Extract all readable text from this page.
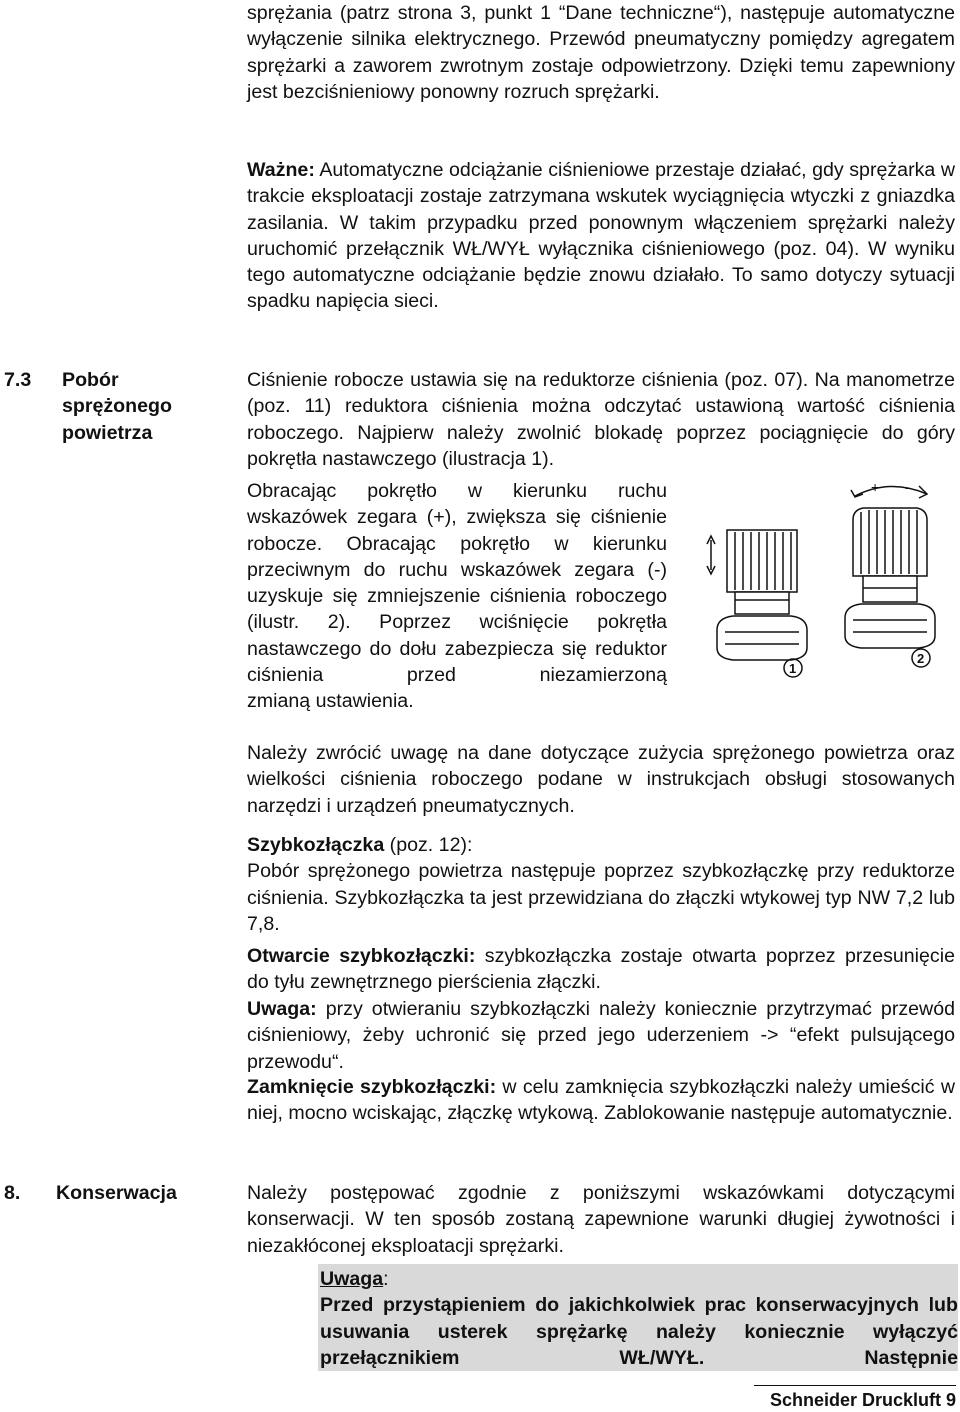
sprężania (patrz strona 3, punkt 1 “Dane techniczne“), następuje automatyczne wyłączenie silnika elektrycznego. Przewód pneumatyczny pomiędzy agregatem sprężarki a zaworem zwrotnym zostaje odpowietrzony. Dzięki temu zapewniony jest bezciśnieniowy ponowny rozruch sprężarki.

Ważne: Automatyczne odciążanie ciśnieniowe przestaje działać, gdy sprężarka w trakcie eksploatacji zostaje zatrzymana wskutek wyciągnięcia wtyczki z gniazdka zasilania. W takim przypadku przed ponownym włączeniem sprężarki należy uruchomić przełącznik WŁ/WYŁ wyłącznika ciśnieniowego (poz. 04). W wyniku tego automatyczne odciążanie będzie znowu działało. To samo dotyczy sytuacji spadku napięcia sieci.

7.3 Pobór
sprężonego
powietrza

Ciśnienie robocze ustawia się na reduktorze ciśnienia (poz. 07). Na manometrze (poz. 11) reduktora ciśnienia można odczytać ustawioną wartość ciśnienia roboczego. Najpierw należy zwolnić blokadę poprzez pociągnięcie do góry pokrętła nastawczego (ilustracja 1).

Obracając pokrętło w kierunku ruchu wskazówek zegara (+), zwiększa się ciśnienie robocze. Obracając pokrętło w kierunku przeciwnym do ruchu wskazówek zegara (-) uzyskuje się zmniejszenie ciśnienia roboczego (ilustr. 2). Poprzez wciśnięcie pokrętła nastawczego do dołu zabezpiecza się reduktor ciśnienia przed niezamierzoną

zmianą ustawienia.

+ -
1
2

Należy zwrócić uwagę na dane dotyczące zużycia sprężonego powietrza oraz wielkości ciśnienia roboczego podane w instrukcjach obsługi stosowanych narzędzi i urządzeń pneumatycznych.

Szybkozłączka (poz. 12):

Pobór sprężonego powietrza następuje poprzez szybkozłączkę przy reduktorze ciśnienia. Szybkozłączka ta jest przewidziana do złączki wtykowej typ NW 7,2 lub 7,8.

Otwarcie szybkozłączki: szybkozłączka zostaje otwarta poprzez przesunięcie do tyłu zewnętrznego pierścienia złączki.

Uwaga: przy otwieraniu szybkozłączki należy koniecznie przytrzymać przewód ciśnieniowy, żeby uchronić się przed jego uderzeniem -> “efekt pulsującego przewodu“.

Zamknięcie szybkozłączki: w celu zamknięcia szybkozłączki należy umieścić w niej, mocno wciskając, złączkę wtykową. Zablokowanie następuje automatycznie.

8. Konserwacja	Należy postępować zgodnie z poniższymi wskazówkami dotyczącymi konserwacji. W ten sposób zostaną zapewnione warunki długiej żywotności i niezakłóconej eksploatacji sprężarki.

Uwaga:

Przed przystąpieniem do jakichkolwiek prac konserwacyjnych lub usuwania usterek sprężarkę należy koniecznie wyłączyć przełącznikiem WŁ/WYŁ. Następnie

Schneider Druckluft 9
